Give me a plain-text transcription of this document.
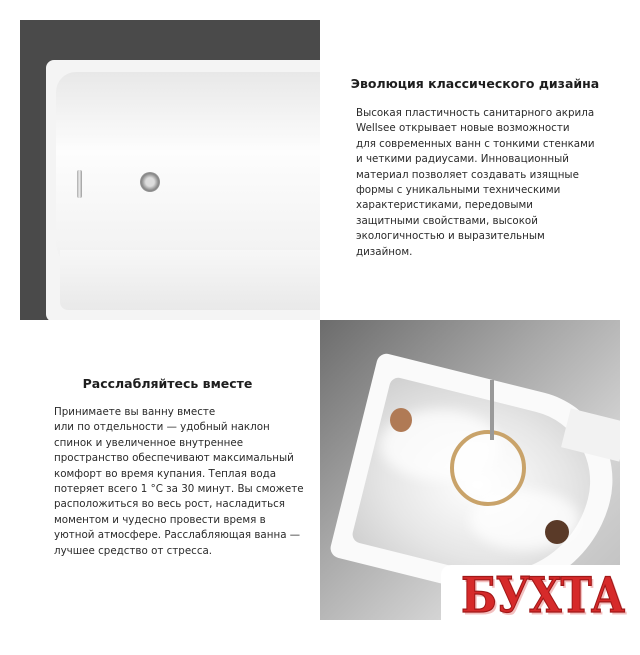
Эволюция классического дизайна
Высокая пластичность санитарного акрила
Wellsee открывает новые возможности
для современных ванн с тонкими стенками
и четкими радиусами. Инновационный
материал позволяет создавать изящные
формы с уникальными техническими
характеристиками, передовыми
защитными свойствами, высокой
экологичностью и выразительным
дизайном.
Расслабляйтесь вместе
Принимаете вы ванну вместе
или по отдельности — удобный наклон
спинок и увеличенное внутреннее
пространство обеспечивают максимальный
комфорт во время купания. Теплая вода
потеряет всего 1 °C за 30 минут. Вы сможете
расположиться во весь рост, насладиться
моментом и чудесно провести время в
уютной атмосфере. Расслабляющая ванна —
лучшее средство от стресса.
БУХТА
